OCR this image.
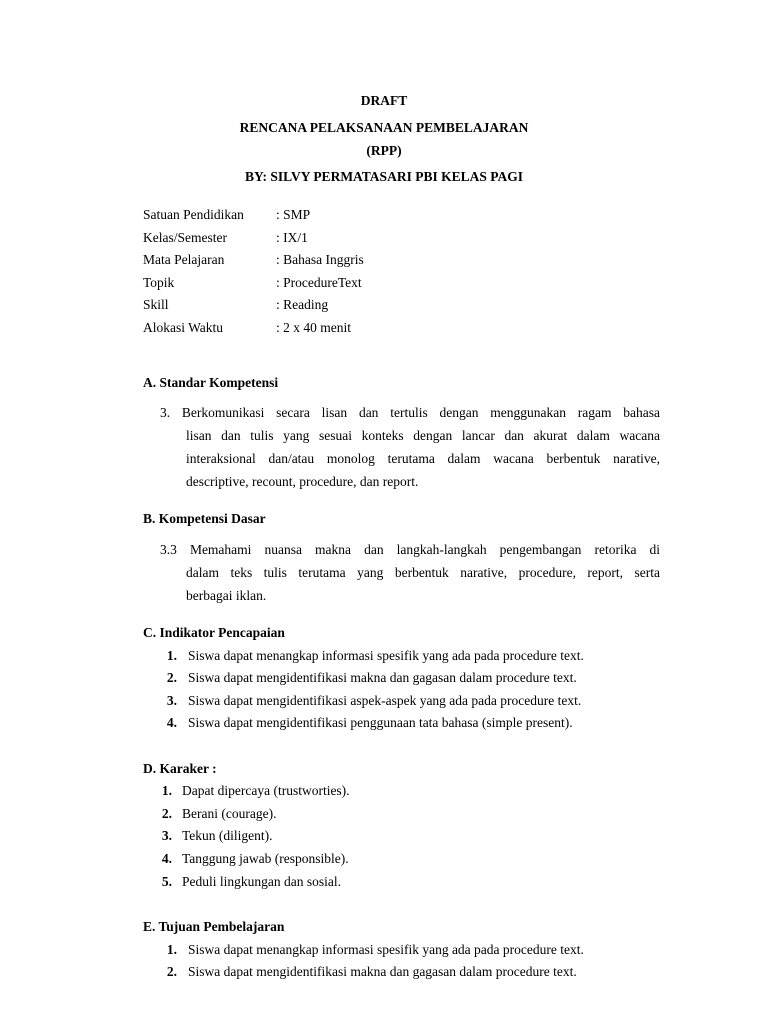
DRAFT
RENCANA PELAKSANAAN PEMBELAJARAN
(RPP)
BY: SILVY PERMATASARI PBI KELAS PAGI
Satuan Pendidikan : SMP
Kelas/Semester	: IX/1
Mata Pelajaran	: Bahasa Inggris
Topik	: ProcedureText
Skill	: Reading
Alokasi Waktu	: 2 x 40 menit
A. Standar Kompetensi
3. Berkomunikasi secara lisan dan tertulis dengan menggunakan ragam bahasa
lisan dan tulis yang sesuai konteks dengan lancar dan akurat dalam wacana
interaksional dan/atau monolog terutama dalam wacana berbentuk narative,
descriptive, recount, procedure, dan report.
B. Kompetensi Dasar
3.3 Memahami nuansa makna dan langkah-langkah pengembangan retorika di
dalam teks tulis terutama yang berbentuk narative, procedure, report, serta
berbagai iklan.
C. Indikator Pencapaian
1. Siswa dapat menangkap informasi spesifik yang ada pada procedure text.
2. Siswa dapat mengidentifikasi makna dan gagasan dalam procedure text.
3. Siswa dapat mengidentifikasi aspek-aspek yang ada pada procedure text.
4. Siswa dapat mengidentifikasi penggunaan tata bahasa (simple present).
D. Karaker :
1. Dapat dipercaya (trustworties).
2. Berani (courage).
3. Tekun (diligent).
4. Tanggung jawab (responsible).
5. Peduli lingkungan dan sosial.
E. Tujuan Pembelajaran
1. Siswa dapat menangkap informasi spesifik yang ada pada procedure text.
2. Siswa dapat mengidentifikasi makna dan gagasan dalam procedure text.
